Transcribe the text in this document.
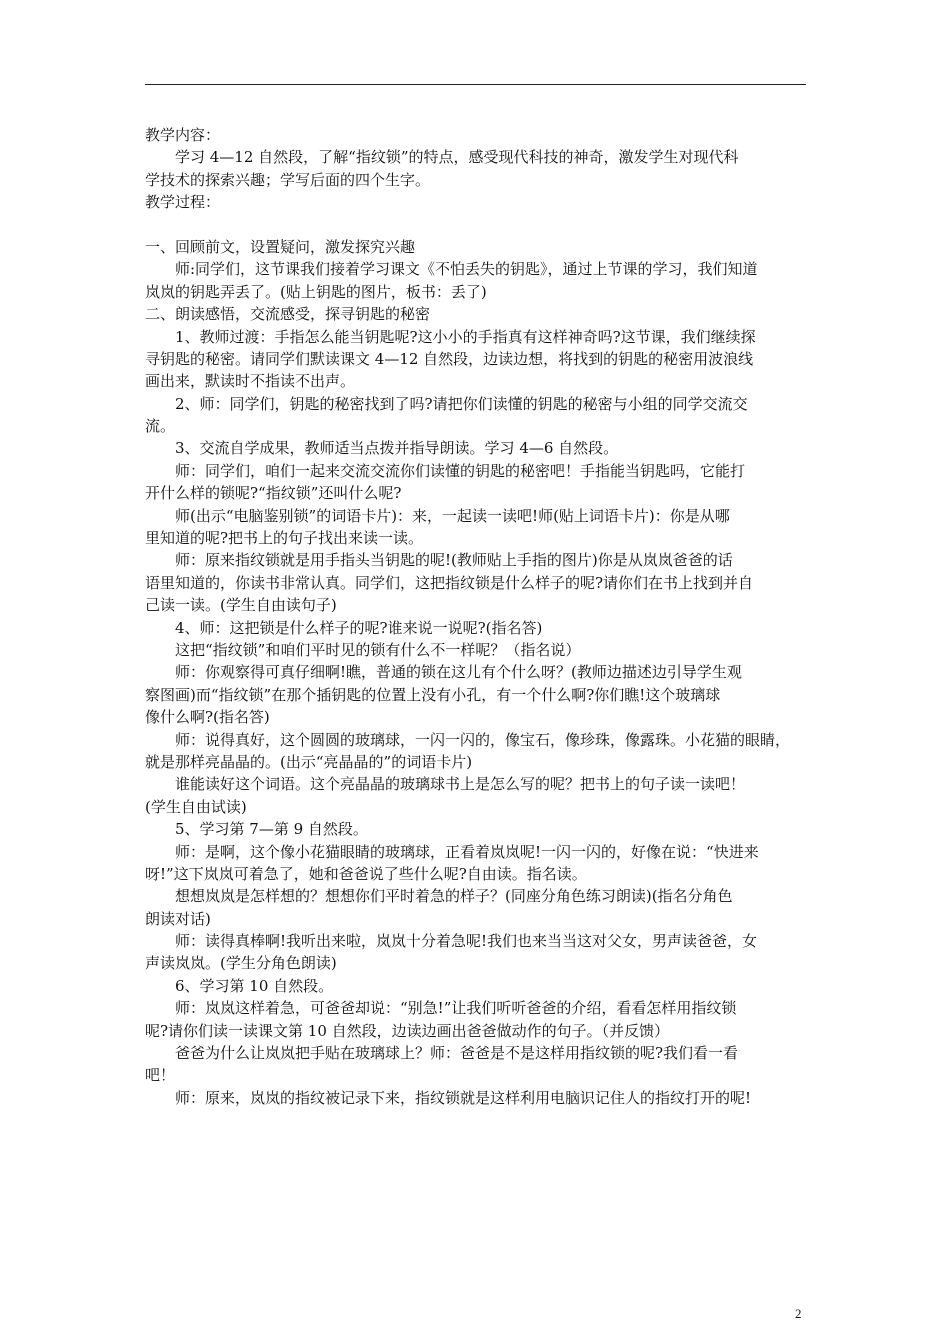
教学内容：
学习 4—12 自然段，了解“指纹锁”的特点，感受现代科技的神奇，激发学生对现代科
学技术的探索兴趣；学写后面的四个生字。
教学过程：
一、回顾前文，设置疑问，激发探究兴趣
师:同学们，这节课我们接着学习课文《不怕丢失的钥匙》，通过上节课的学习，我们知道
岚岚的钥匙弄丢了。(贴上钥匙的图片，板书：丢了)
二、朗读感悟，交流感受，探寻钥匙的秘密
1、教师过渡：手指怎么能当钥匙呢?这小小的手指真有这样神奇吗?这节课，我们继续探
寻钥匙的秘密。请同学们默读课文 4—12 自然段，边读边想，将找到的钥匙的秘密用波浪线
画出来，默读时不指读不出声。
2、师：同学们，钥匙的秘密找到了吗?请把你们读懂的钥匙的秘密与小组的同学交流交
流。
3、交流自学成果，教师适当点拨并指导朗读。学习 4—6 自然段。
师：同学们，咱们一起来交流交流你们读懂的钥匙的秘密吧！手指能当钥匙吗，它能打
开什么样的锁呢?“指纹锁”还叫什么呢?
师(出示“电脑鉴别锁”的词语卡片)：来，一起读一读吧!师(贴上词语卡片)：你是从哪
里知道的呢?把书上的句子找出来读一读。
师：原来指纹锁就是用手指头当钥匙的呢!(教师贴上手指的图片)你是从岚岚爸爸的话
语里知道的，你读书非常认真。同学们，这把指纹锁是什么样子的呢?请你们在书上找到并自
己读一读。(学生自由读句子)
4、师：这把锁是什么样子的呢?谁来说一说呢?(指名答)
这把“指纹锁”和咱们平时见的锁有什么不一样呢？（指名说）
师：你观察得可真仔细啊!瞧，普通的锁在这儿有个什么呀？(教师边描述边引导学生观
察图画)而“指纹锁”在那个插钥匙的位置上没有小孔，有一个什么啊?你们瞧!这个玻璃球
像什么啊?(指名答)
师：说得真好，这个圆圆的玻璃球，一闪一闪的，像宝石，像珍珠，像露珠。小花猫的眼睛，
就是那样亮晶晶的。(出示“亮晶晶的”的词语卡片)
谁能读好这个词语。这个亮晶晶的玻璃球书上是怎么写的呢？把书上的句子读一读吧！
(学生自由试读)
5、学习第 7—第 9 自然段。
师：是啊，这个像小花猫眼睛的玻璃球，正看着岚岚呢!一闪一闪的，好像在说：“快进来
呀!”这下岚岚可着急了，她和爸爸说了些什么呢?自由读。指名读。
想想岚岚是怎样想的？想想你们平时着急的样子？(同座分角色练习朗读)(指名分角色
朗读对话)
师：读得真棒啊!我听出来啦，岚岚十分着急呢!我们也来当当这对父女，男声读爸爸，女
声读岚岚。(学生分角色朗读)
6、学习第 10 自然段。
师：岚岚这样着急，可爸爸却说：“别急!”让我们听听爸爸的介绍，看看怎样用指纹锁
呢?请你们读一读课文第 10 自然段，边读边画出爸爸做动作的句子。（并反馈）
爸爸为什么让岚岚把手贴在玻璃球上？师：爸爸是不是这样用指纹锁的呢?我们看一看
吧！
师：原来，岚岚的指纹被记录下来，指纹锁就是这样利用电脑识记住人的指纹打开的呢!
2
